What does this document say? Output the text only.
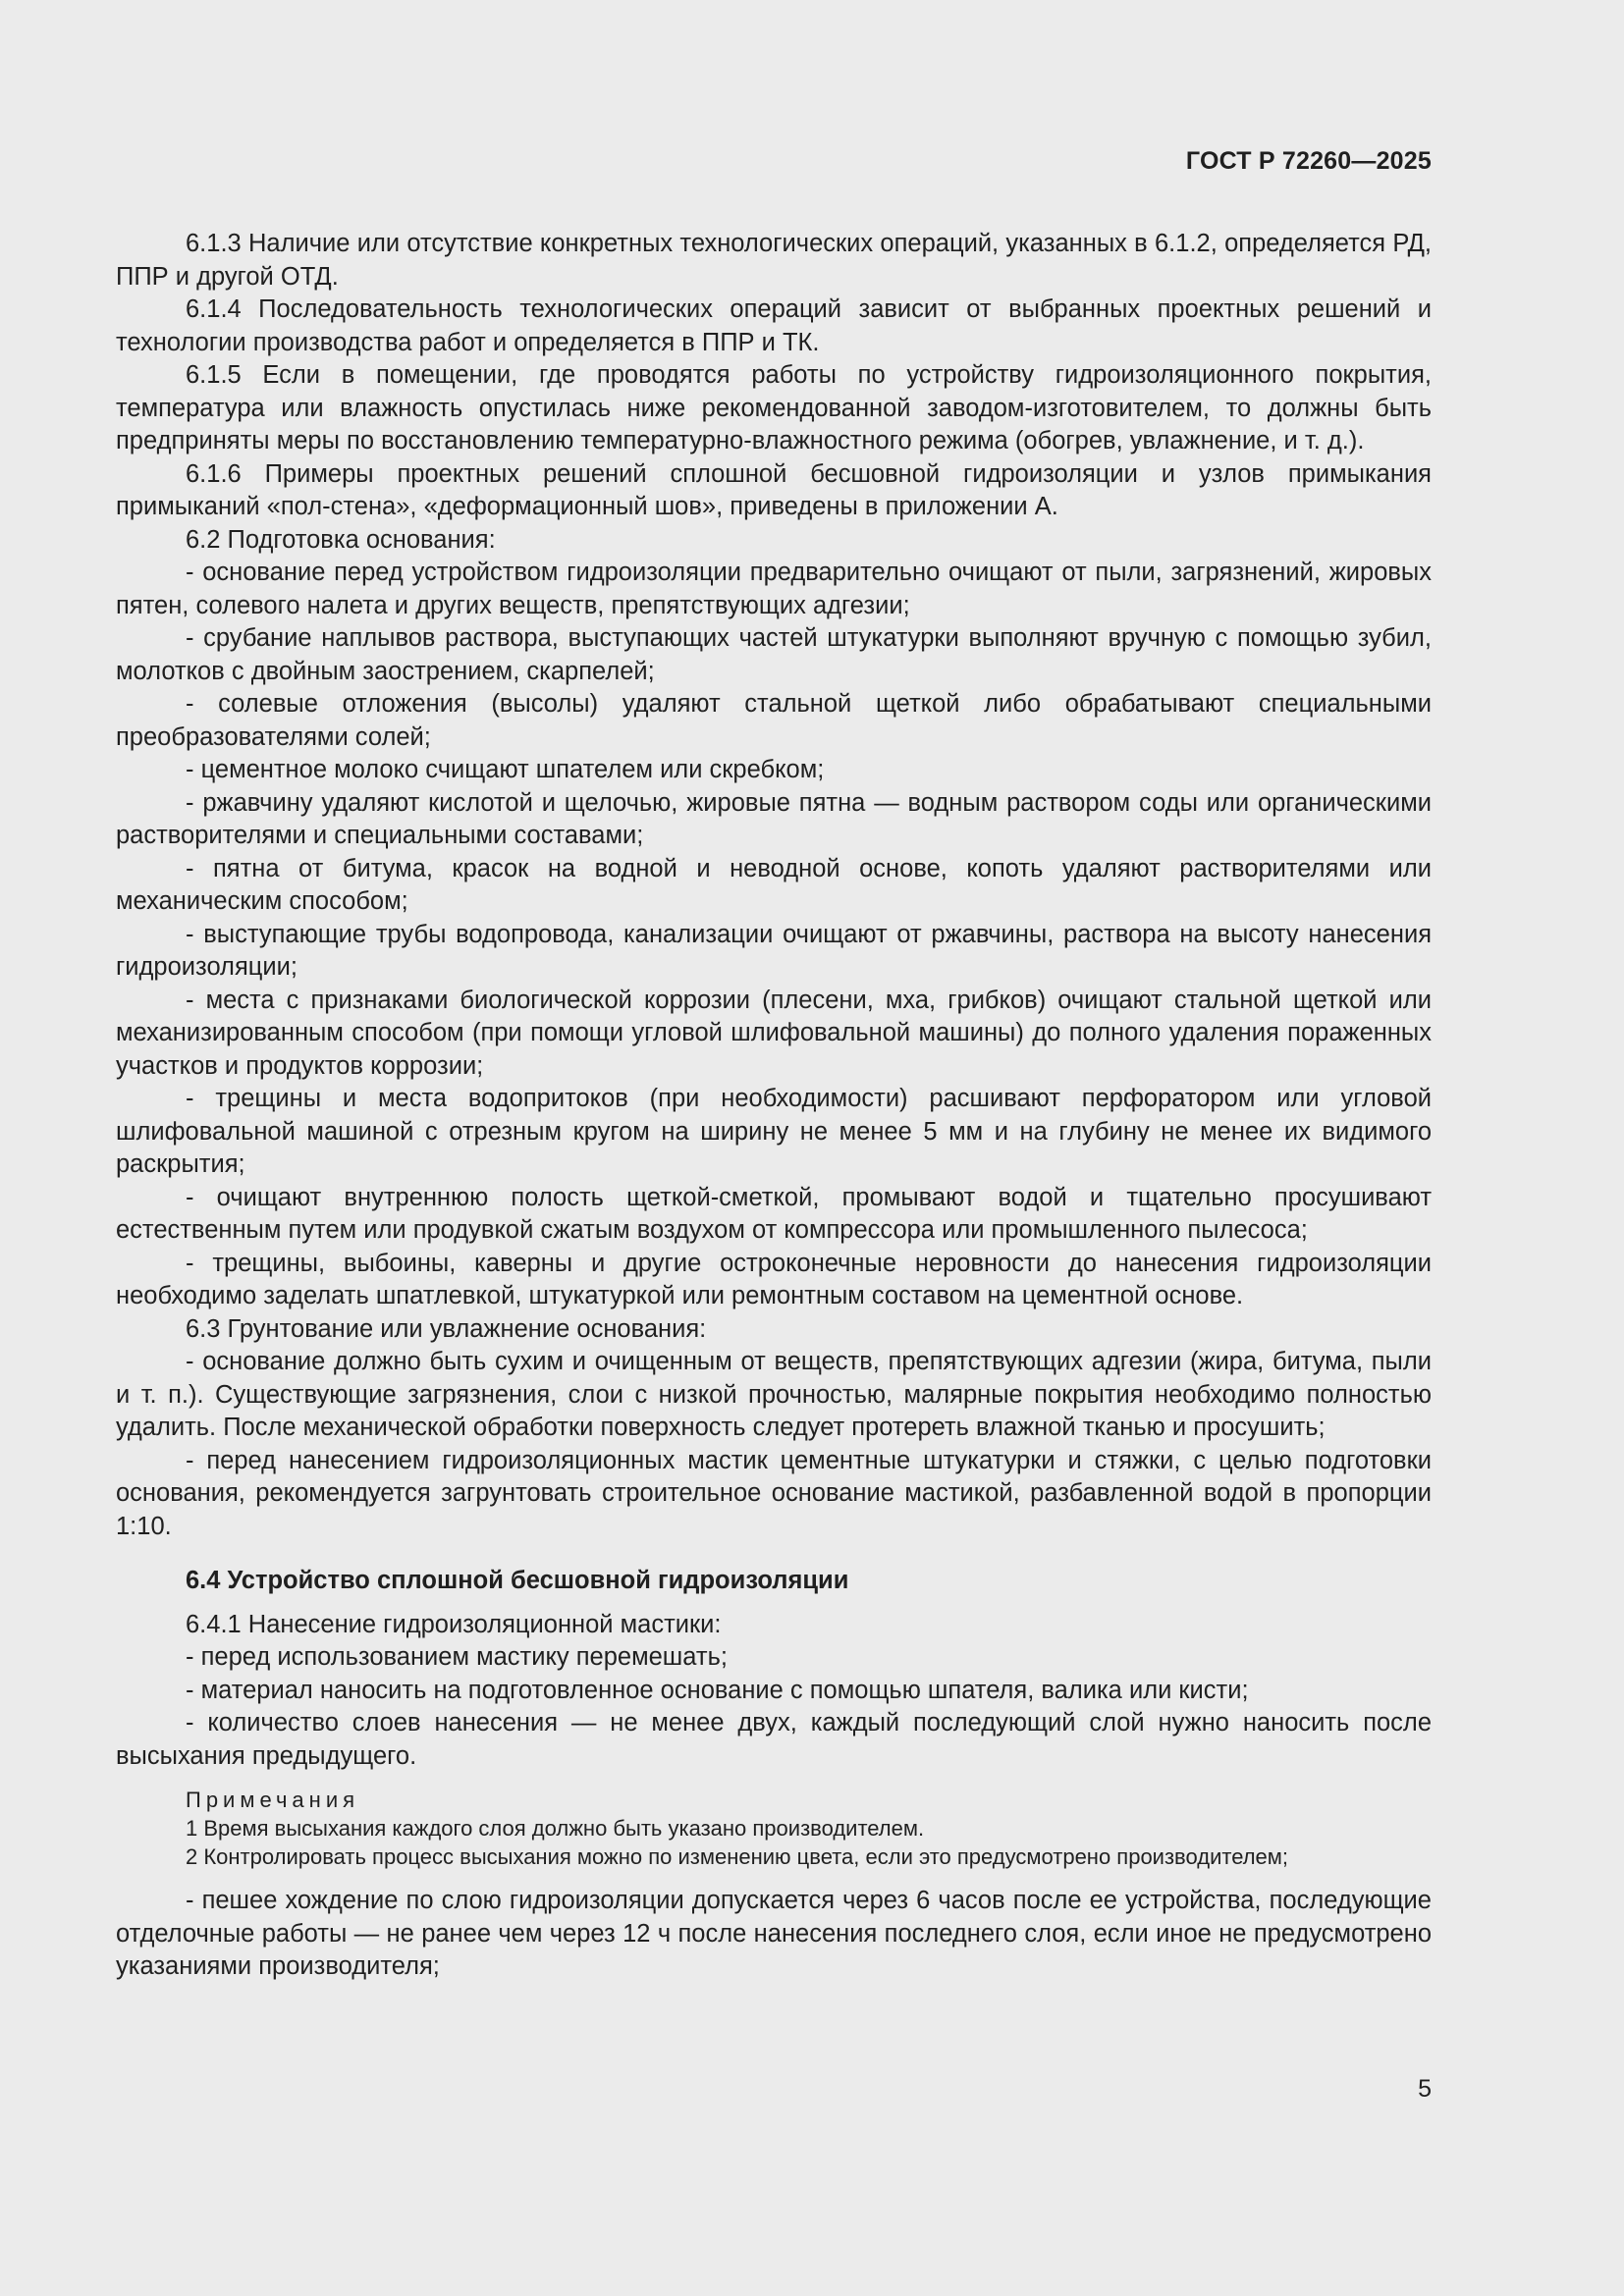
ГОСТ Р 72260—2025

6.1.3 Наличие или отсутствие конкретных технологических операций, указанных в 6.1.2, определяется РД, ППР и другой ОТД.

6.1.4 Последовательность технологических операций зависит от выбранных проектных решений и технологии производства работ и определяется в ППР и ТК.

6.1.5 Если в помещении, где проводятся работы по устройству гидроизоляционного покрытия, температура или влажность опустилась ниже рекомендованной заводом-изготовителем, то должны быть предприняты меры по восстановлению температурно-влажностного режима (обогрев, увлажнение, и т. д.).

6.1.6 Примеры проектных решений сплошной бесшовной гидроизоляции и узлов примыкания примыканий «пол-стена», «деформационный шов», приведены в приложении А.

6.2 Подготовка основания:

- основание перед устройством гидроизоляции предварительно очищают от пыли, загрязнений, жировых пятен, солевого налета и других веществ, препятствующих адгезии;

- срубание наплывов раствора, выступающих частей штукатурки выполняют вручную с помощью зубил, молотков с двойным заострением, скарпелей;

- солевые отложения (высолы) удаляют стальной щеткой либо обрабатывают специальными преобразователями солей;

- цементное молоко счищают шпателем или скребком;

- ржавчину удаляют кислотой и щелочью, жировые пятна — водным раствором соды или органическими растворителями и специальными составами;

- пятна от битума, красок на водной и неводной основе, копоть удаляют растворителями или механическим способом;

- выступающие трубы водопровода, канализации очищают от ржавчины, раствора на высоту нанесения гидроизоляции;

- места с признаками биологической коррозии (плесени, мха, грибков) очищают стальной щеткой или механизированным способом (при помощи угловой шлифовальной машины) до полного удаления пораженных участков и продуктов коррозии;

- трещины и места водопритоков (при необходимости) расшивают перфоратором или угловой шлифовальной машиной с отрезным кругом на ширину не менее 5 мм и на глубину не менее их видимого раскрытия;

- очищают внутреннюю полость щеткой-сметкой, промывают водой и тщательно просушивают естественным путем или продувкой сжатым воздухом от компрессора или промышленного пылесоса;

- трещины, выбоины, каверны и другие остроконечные неровности до нанесения гидроизоляции необходимо заделать шпатлевкой, штукатуркой или ремонтным составом на цементной основе.

6.3 Грунтование или увлажнение основания:

- основание должно быть сухим и очищенным от веществ, препятствующих адгезии (жира, битума, пыли и т. п.). Существующие загрязнения, слои с низкой прочностью, малярные покрытия необходимо полностью удалить. После механической обработки поверхность следует протереть влажной тканью и просушить;

- перед нанесением гидроизоляционных мастик цементные штукатурки и стяжки, с целью подготовки основания, рекомендуется загрунтовать строительное основание мастикой, разбавленной водой в пропорции 1:10.

6.4 Устройство сплошной бесшовной гидроизоляции

6.4.1 Нанесение гидроизоляционной мастики:

- перед использованием мастику перемешать;

- материал наносить на подготовленное основание с помощью шпателя, валика или кисти;

- количество слоев нанесения — не менее двух, каждый последующий слой нужно наносить после высыхания предыдущего.

Примечания

1 Время высыхания каждого слоя должно быть указано производителем.

2 Контролировать процесс высыхания можно по изменению цвета, если это предусмотрено производителем;

- пешее хождение по слою гидроизоляции допускается через 6 часов после ее устройства, последующие отделочные работы — не ранее чем через 12 ч после нанесения последнего слоя, если иное не предусмотрено указаниями производителя;

5
